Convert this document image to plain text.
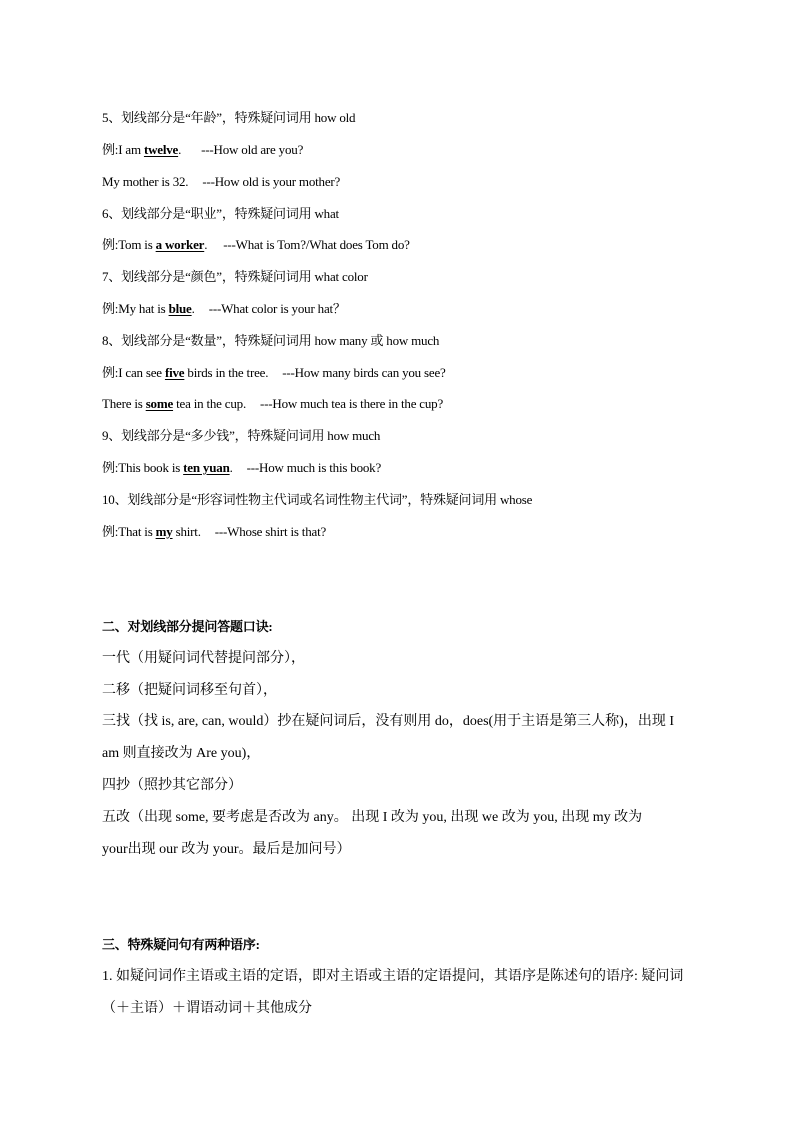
5、划线部分是“年龄”，特殊疑问词用 how old
例:I am twelve. ---How old are you?
My mother is 32. ---How old is your mother?
6、划线部分是“职业”，特殊疑问词用 what
例:Tom is a worker. ---What is Tom?/What does Tom do?
7、划线部分是“颜色”，特殊疑问词用 what color
例:My hat is blue. ---What color is your hat？
8、划线部分是“数量”，特殊疑问词用 how many 或 how much
例:I can see five birds in the tree. ---How many birds can you see?
There is some tea in the cup. ---How much tea is there in the cup?
9、划线部分是“多少钱”，特殊疑问词用 how much
例:This book is ten yuan. ---How much is this book?
10、划线部分是“形容词性物主代词或名词性物主代词”，特殊疑问词用 whose
例:That is my shirt. ---Whose shirt is that?
二、对划线部分提问答题口诀:
一代（用疑问词代替提问部分），
二移（把疑问词移至句首），
三找（找 is, are, can, would）抄在疑问词后，没有则用 do，does(用于主语是第三人称)，出现 I
am 则直接改为 Are you)，
四抄（照抄其它部分）
五改（出现 some, 要考虑是否改为 any。 出现 I 改为 you, 出现 we 改为 you, 出现 my 改为
your出现 our 改为 your。最后是加问号）
三、特殊疑问句有两种语序:
1. 如疑问词作主语或主语的定语，即对主语或主语的定语提问，其语序是陈述句的语序: 疑问词
（＋主语）＋谓语动词＋其他成分
